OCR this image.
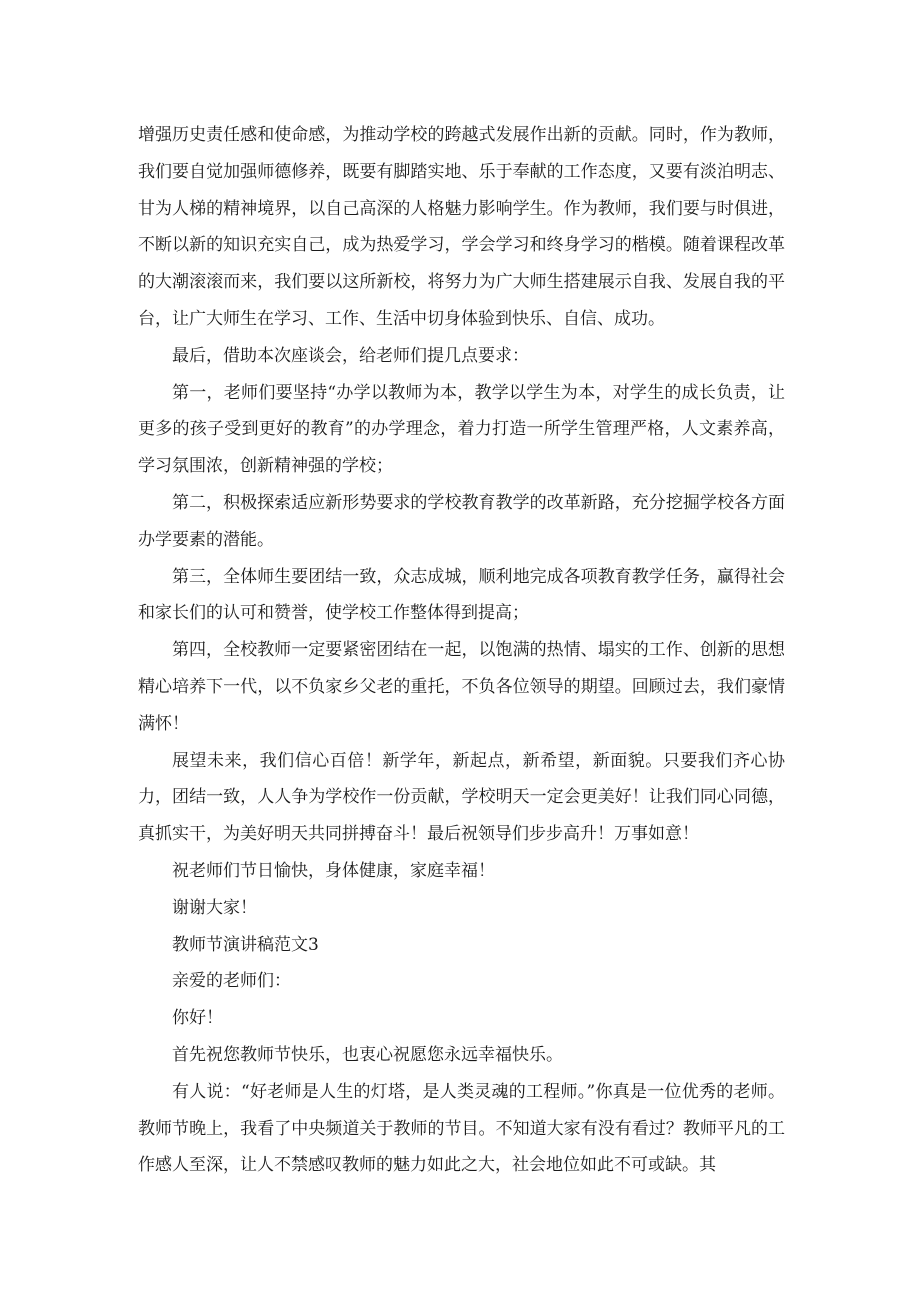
增强历史责任感和使命感，为推动学校的跨越式发展作出新的贡献。同时，作为教师，我们要自觉加强师德修养，既要有脚踏实地、乐于奉献的工作态度，又要有淡泊明志、甘为人梯的精神境界，以自己高深的人格魅力影响学生。作为教师，我们要与时俱进，不断以新的知识充实自己，成为热爱学习，学会学习和终身学习的楷模。随着课程改革的大潮滚滚而来，我们要以这所新校，将努力为广大师生搭建展示自我、发展自我的平台，让广大师生在学习、工作、生活中切身体验到快乐、自信、成功。

最后，借助本次座谈会，给老师们提几点要求：

第一，老师们要坚持“办学以教师为本，教学以学生为本，对学生的成长负责，让更多的孩子受到更好的教育”的办学理念，着力打造一所学生管理严格，人文素养高，学习氛围浓，创新精神强的学校；

第二，积极探索适应新形势要求的学校教育教学的改革新路，充分挖掘学校各方面办学要素的潜能。

第三，全体师生要团结一致，众志成城，顺利地完成各项教育教学任务，赢得社会和家长们的认可和赞誉，使学校工作整体得到提高；

第四，全校教师一定要紧密团结在一起，以饱满的热情、塌实的工作、创新的思想精心培养下一代，以不负家乡父老的重托，不负各位领导的期望。回顾过去，我们豪情满怀！

展望未来，我们信心百倍！新学年，新起点，新希望，新面貌。只要我们齐心协力，团结一致，人人争为学校作一份贡献，学校明天一定会更美好！让我们同心同德，真抓实干，为美好明天共同拼搏奋斗！最后祝领导们步步高升！万事如意！

祝老师们节日愉快，身体健康，家庭幸福！

谢谢大家！

教师节演讲稿范文3

亲爱的老师们：

你好！

首先祝您教师节快乐，也衷心祝愿您永远幸福快乐。

有人说：“好老师是人生的灯塔，是人类灵魂的工程师。”你真是一位优秀的老师。教师节晚上，我看了中央频道关于教师的节目。不知道大家有没有看过？教师平凡的工作感人至深，让人不禁感叹教师的魅力如此之大，社会地位如此不可或缺。其
